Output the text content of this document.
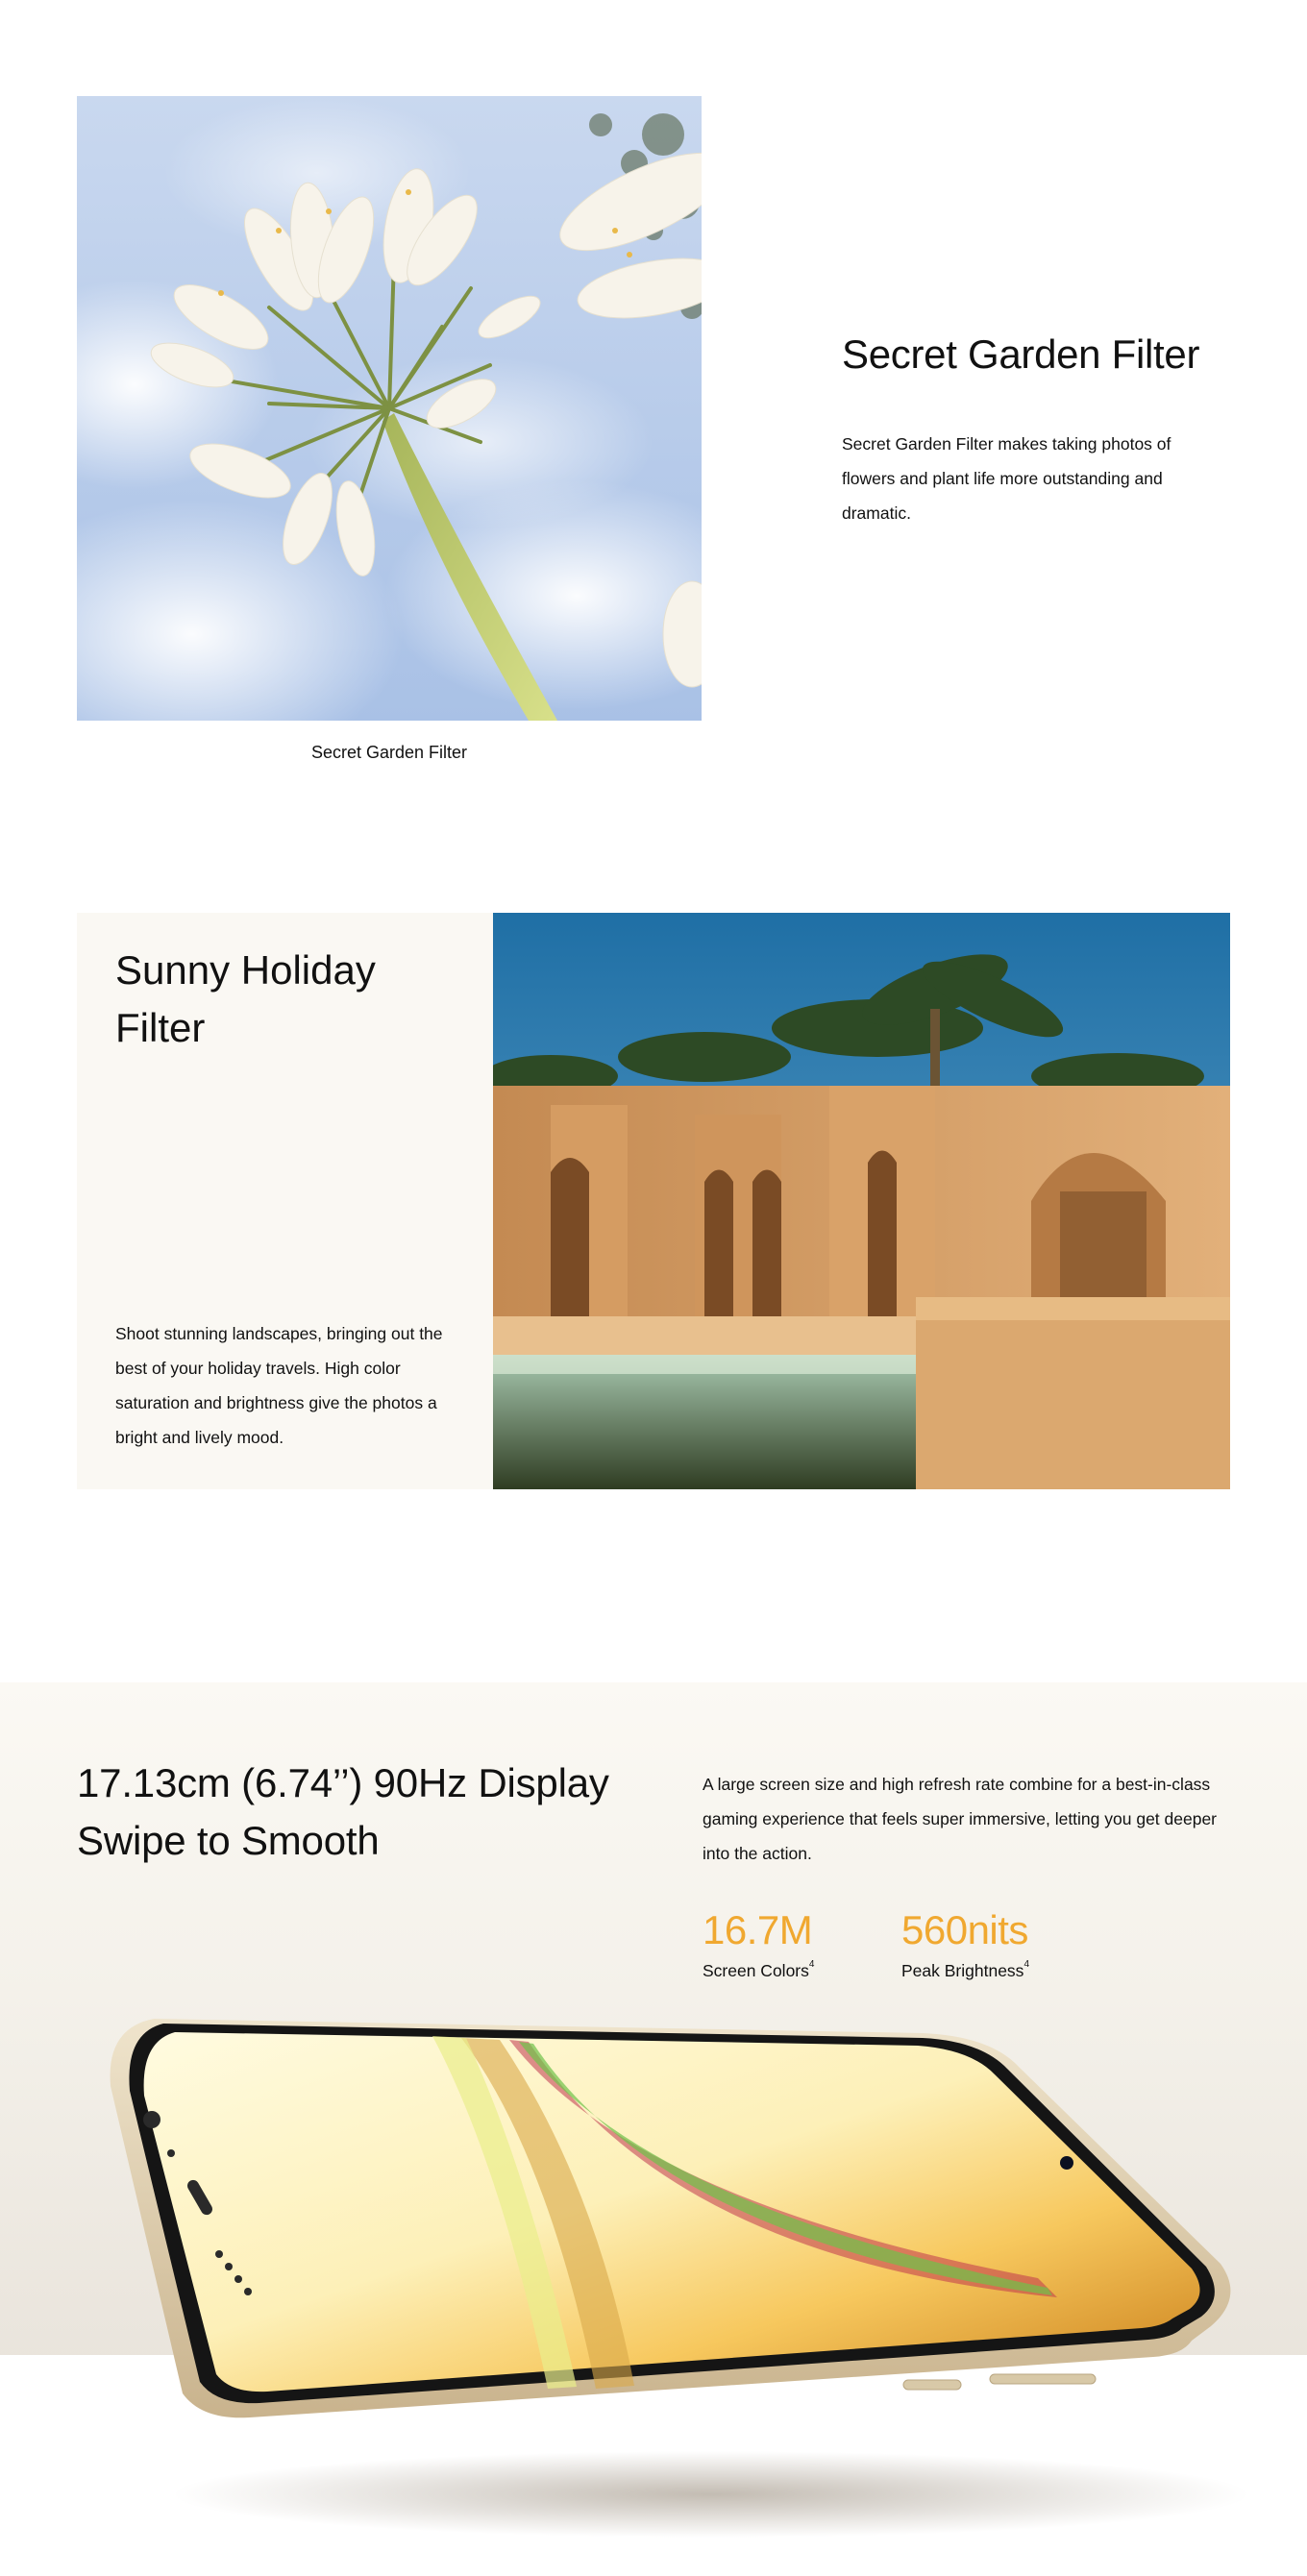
Secret Garden Filter
Secret Garden Filter

Secret Garden Filter makes taking photos of flowers and plant life more outstanding and dramatic.

Sunny Holiday Filter

Shoot stunning landscapes, bringing out the best of your holiday travels. High color saturation and brightness give the photos a bright and lively mood.

17.13cm (6.74’’) 90Hz Display
Swipe to Smooth

A large screen size and high refresh rate combine for a best-in-class gaming experience that feels super immersive, letting you get deeper into the action.

16.7M
Screen Colors$^4$
560nits
Peak Brightness$^4$
